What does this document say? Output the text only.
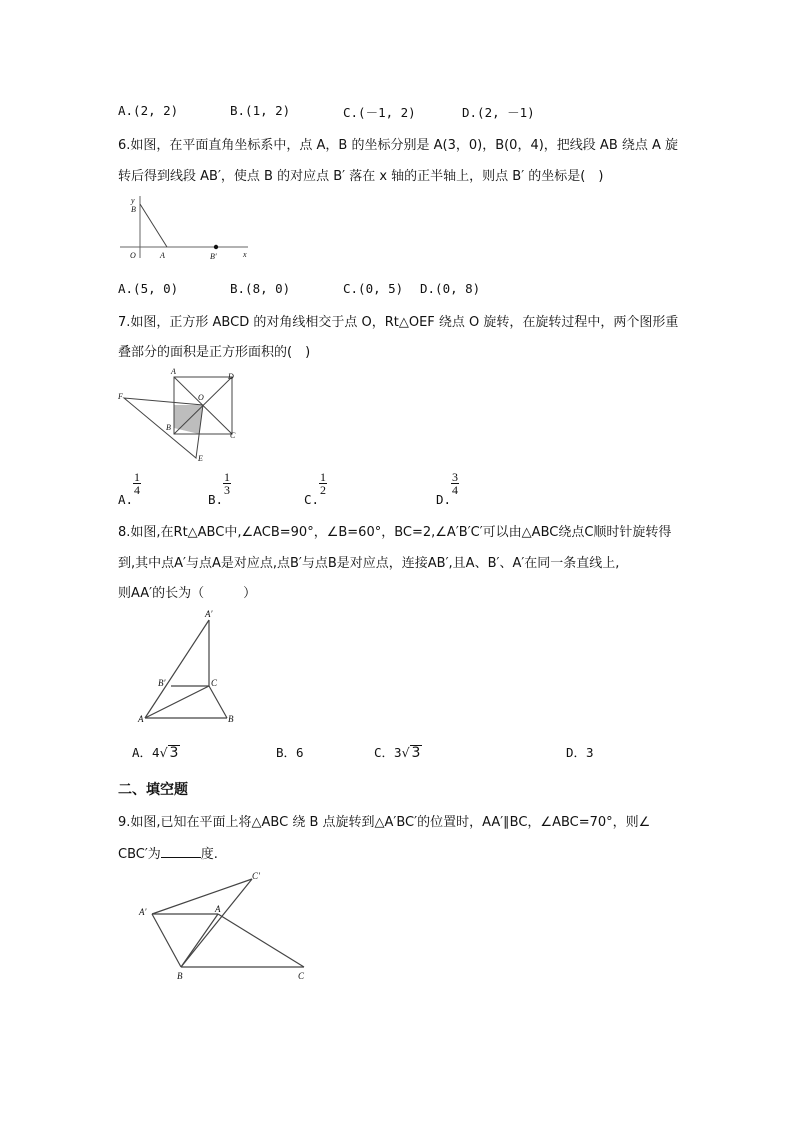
A.(2, 2)	B.(1, 2)	C.(－1, 2)	D.(2, －1)
6.如图，在平面直角坐标系中，点 A，B 的坐标分别是 A(3，0)，B(0，4)，把线段 AB 绕点 A 旋
转后得到线段 AB′，使点 B 的对应点 B′ 落在 x 轴的正半轴上，则点 B′ 的坐标是(　)
y
x
B
O	A	B′
A.(5, 0)	B.(8, 0)	C.(0, 5) D.(0, 8)
7.如图，正方形 ABCD 的对角线相交于点 O，Rt△OEF 绕点 O 旋转，在旋转过程中，两个图形重
叠部分的面积是正方形面积的(　)
A
D
F	O
B
C
E
A.
$\frac{1}{4}$
B.
$\frac{1}{3}$
C.
$\frac{1}{2}$
D.
$\frac{3}{4}$
8.如图,在Rt△ABC中,∠ACB=90°，∠B=60°，BC=2,∠A′B′C′可以由△ABC绕点C顺时针旋转得
到,其中点A′与点A是对应点,点B′与点B是对应点，连接AB′,且A、B′、A′在同一条直线上,
则AA′的长为（　　　）
A′
B′	C
A	B
A．4√ 3	B．6	C．3√ 3	D．3
二、填空题
9.如图,已知在平面上将△ABC 绕 B 点旋转到△A′BC′的位置时，AA′∥BC，∠ABC=70°，则∠
CBC′为	度.
C′
A′	A
B	C
